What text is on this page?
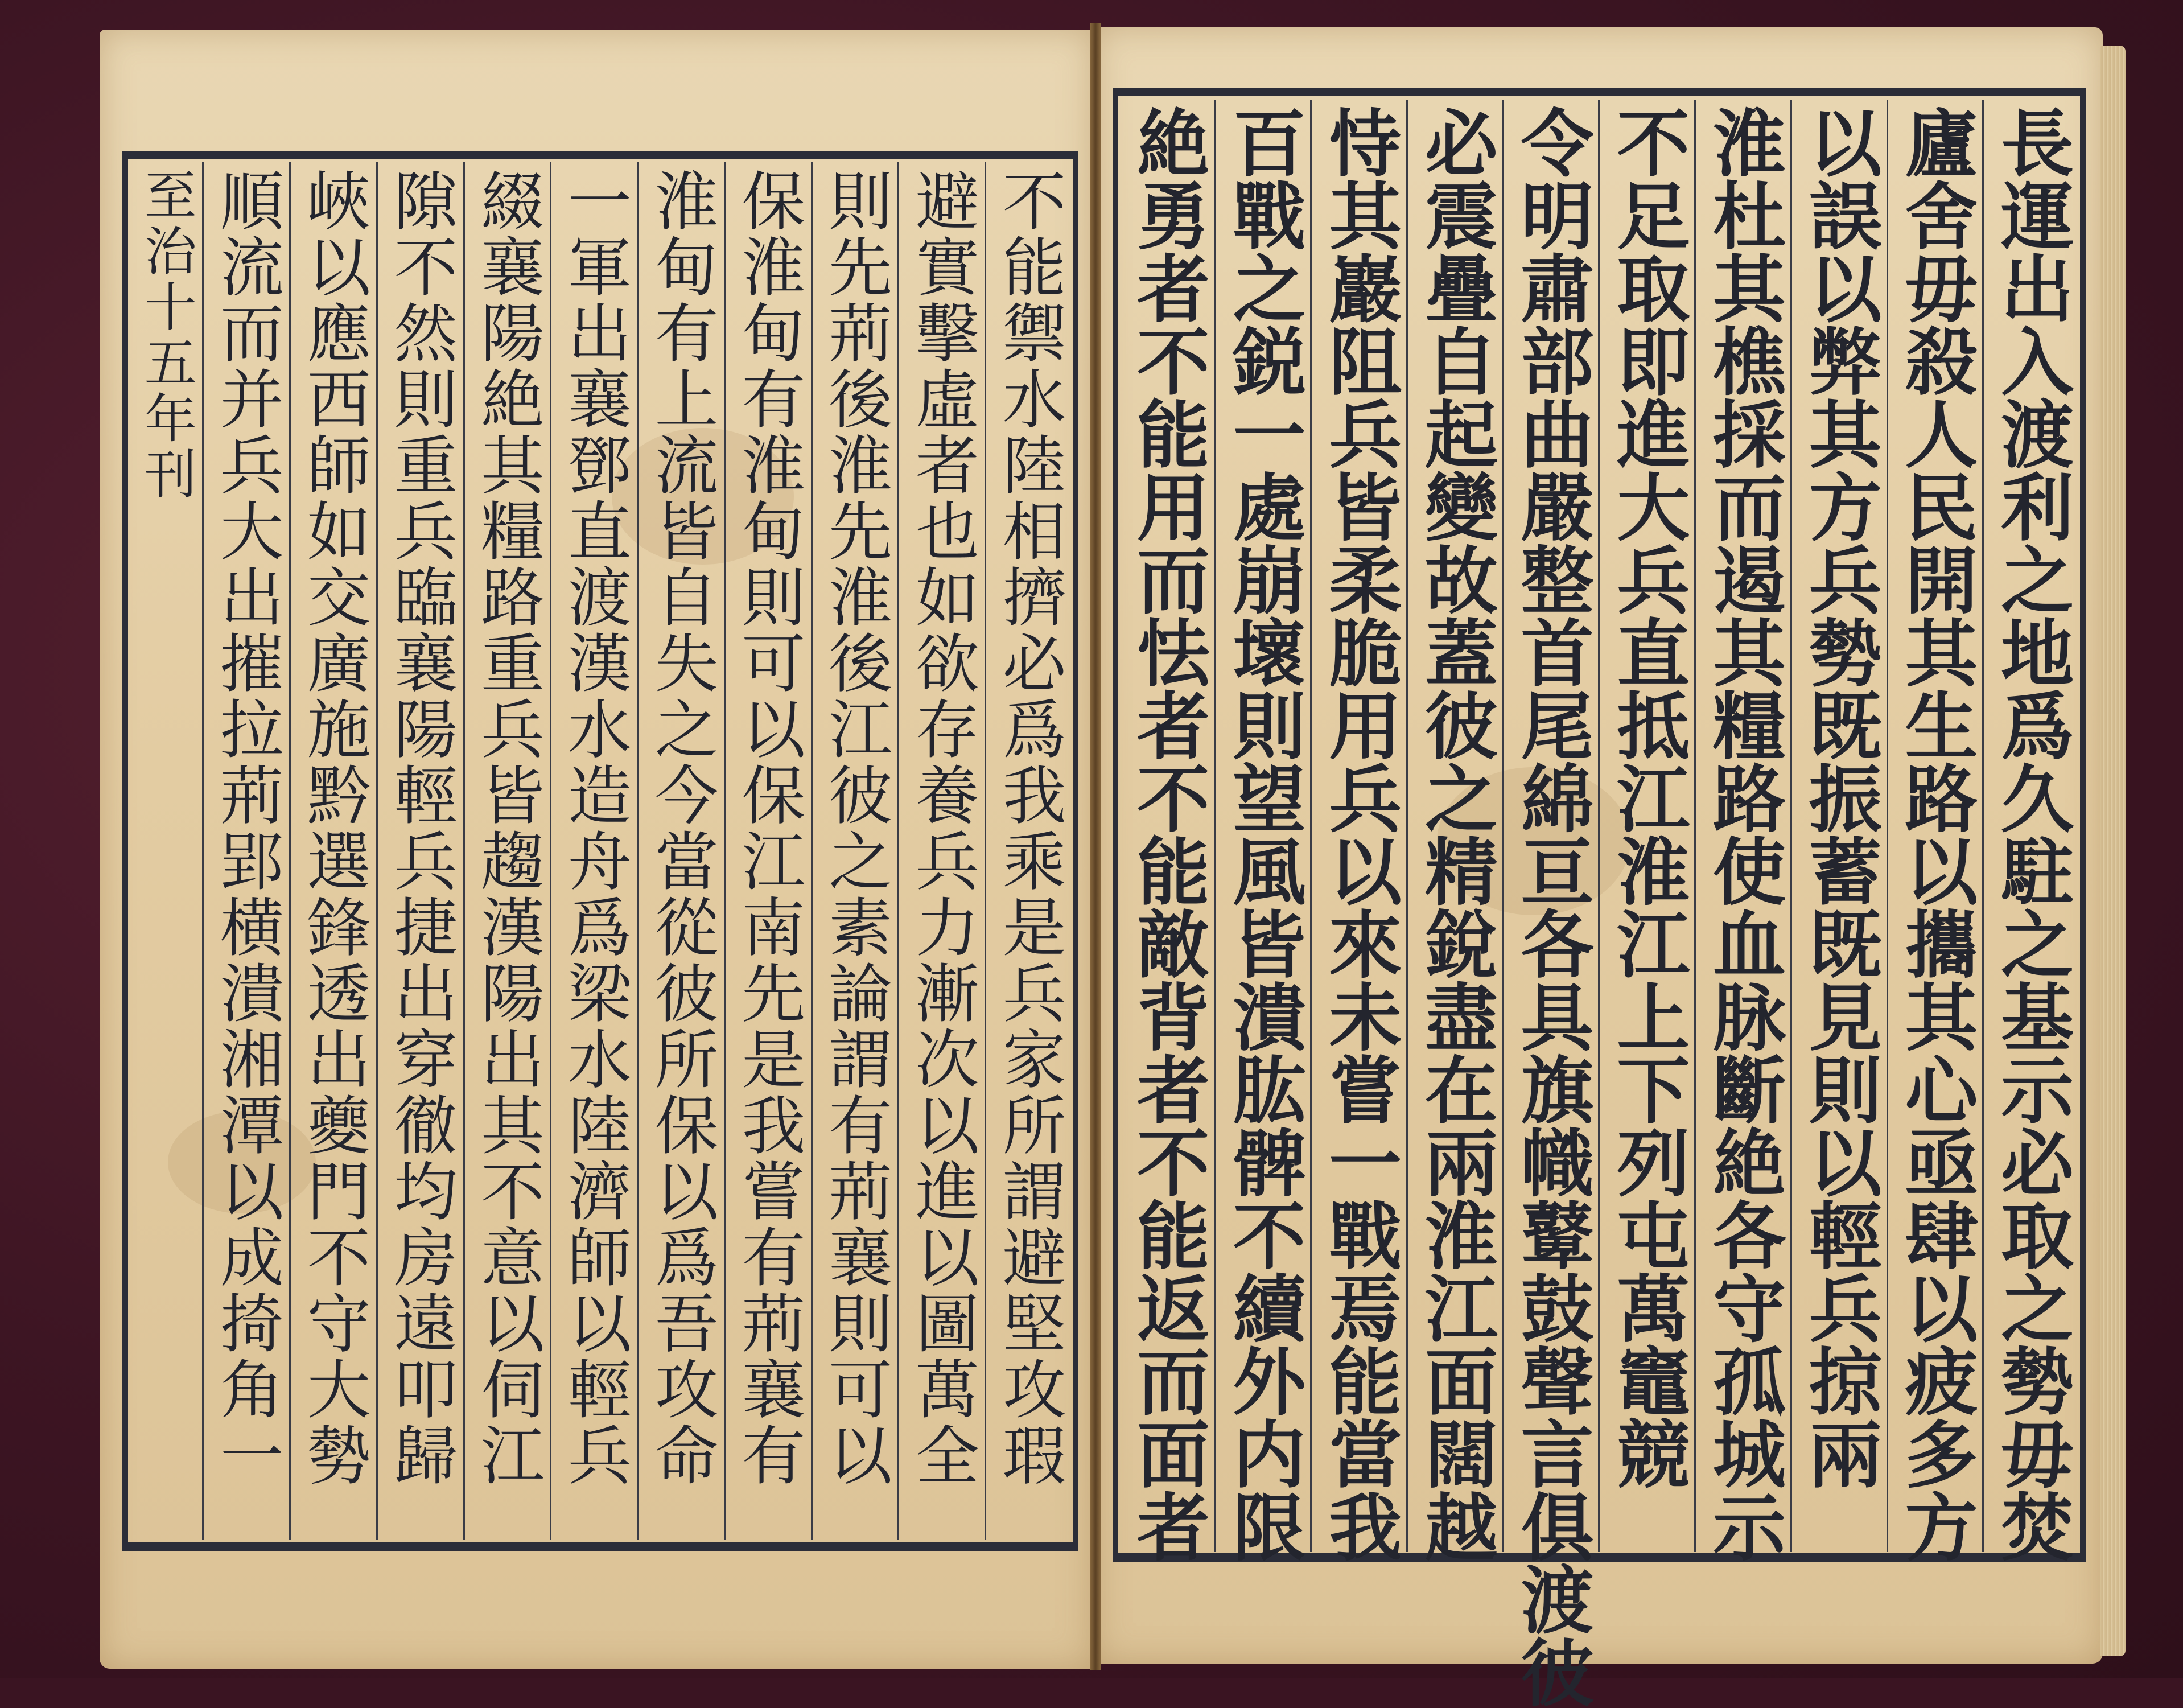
長運出入渡利之地爲久駐之基示必取之勢毋焚
廬舍毋殺人民開其生路以攜其心亟肆以疲多方
以誤以弊其方兵勢既振蓄既見則以輕兵掠兩
淮杜其樵採而遏其糧路使血脉斷絶各守孤城示
不足取即進大兵直抵江淮江上下列屯萬竈競
令明肅部曲嚴整首尾綿亘各具旗幟鼙鼓聲言俱渡彼
必震疊自起變故蓋彼之精銳盡在兩淮江面闊越
恃其巖阻兵皆柔脆用兵以來未嘗一戰焉能當我
百戰之鋭一處崩壞則望風皆潰肱髀不續外内限
絶勇者不能用而怯者不能敵背者不能返而面者
不能禦水陸相擠必爲我乘是兵家所謂避堅攻瑕
避實擊虛者也如欲存養兵力漸次以進以圖萬全
則先荊後淮先淮後江彼之素論謂有荊襄則可以
保淮甸有淮甸則可以保江南先是我嘗有荊襄有
淮甸有上流皆自失之今當從彼所保以爲吾攻命
一軍出襄鄧直渡漢水造舟爲梁水陸濟師以輕兵
綴襄陽絶其糧路重兵皆趨漢陽出其不意以伺江
隙不然則重兵臨襄陽輕兵捷出穿徹均房遠叩歸
峽以應西師如交廣施黔選鋒透出夔門不守大勢
順流而并兵大出摧拉荊郢横潰湘潭以成掎角一
至治十五年刊
